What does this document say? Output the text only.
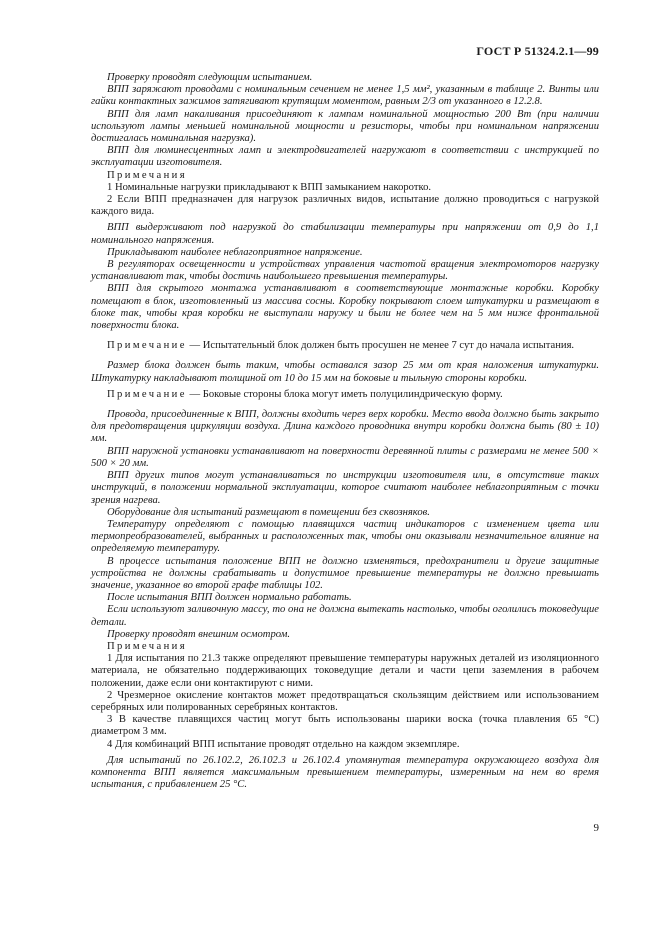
ГОСТ Р 51324.2.1—99

Проверку проводят следующим испытанием.

ВПП заряжают проводами с номинальным сечением не менее 1,5 мм², указанным в таблице 2. Винты или гайки контактных зажимов затягивают крутящим моментом, равным 2/3 от указанного в 12.2.8.

ВПП для ламп накаливания присоединяют к лампам номинальной мощностью 200 Вт (при наличии используют лампы меньшей номинальной мощности и резисторы, чтобы при номинальном напряжении достигалась номинальная нагрузка).

ВПП для люминесцентных ламп и электродвигателей нагружают в соответствии с инструкцией по эксплуатации изготовителя.

Примечания

1 Номинальные нагрузки прикладывают к ВПП замыканием накоротко.

2 Если ВПП предназначен для нагрузок различных видов, испытание должно проводиться с нагрузкой каждого вида.

ВПП выдерживают под нагрузкой до стабилизации температуры при напряжении от 0,9 до 1,1 номинального напряжения.

Прикладывают наиболее неблагоприятное напряжение.

В регуляторах освещенности и устройствах управления частотой вращения электромоторов нагрузку устанавливают так, чтобы достичь наибольшего превышения температуры.

ВПП для скрытого монтажа устанавливают в соответствующие монтажные коробки. Коробку помещают в блок, изготовленный из массива сосны. Коробку покрывают слоем штукатурки и размещают в блоке так, чтобы края коробки не выступали наружу и были не более чем на 5 мм ниже фронтальной поверхности блока.

Примечание — Испытательный блок должен быть просушен не менее 7 сут до начала испытания.

Размер блока должен быть таким, чтобы оставался зазор 25 мм от края наложения штукатурки. Штукатурку накладывают толщиной от 10 до 15 мм на боковые и тыльную стороны коробки.

Примечание — Боковые стороны блока могут иметь полуцилиндрическую форму.

Провода, присоединенные к ВПП, должны входить через верх коробки. Место ввода должно быть закрыто для предотвращения циркуляции воздуха. Длина каждого проводника внутри коробки должна быть (80 ± 10) мм.

ВПП наружной установки устанавливают на поверхности деревянной плиты с размерами не менее 500 × 500 × 20 мм.

ВПП других типов могут устанавливаться по инструкции изготовителя или, в отсутствие таких инструкций, в положении нормальной эксплуатации, которое считают наиболее неблагоприятным с точки зрения нагрева.

Оборудование для испытаний размещают в помещении без сквозняков.

Температуру определяют с помощью плавящихся частиц индикаторов с изменением цвета или термопреобразователей, выбранных и расположенных так, чтобы они оказывали незначительное влияние на определяемую температуру.

В процессе испытания положение ВПП не должно изменяться, предохранители и другие защитные устройства не должны срабатывать и допустимое превышение температуры не должно превышать значение, указанное во второй графе таблицы 102.

После испытания ВПП должен нормально работать.

Если используют заливочную массу, то она не должна вытекать настолько, чтобы оголились токоведущие детали.

Проверку проводят внешним осмотром.

Примечания

1 Для испытания по 21.3 также определяют превышение температуры наружных деталей из изоляционного материала, не обязательно поддерживающих токоведущие детали и части цепи заземления в рабочем положении, даже если они контактируют с ними.

2 Чрезмерное окисление контактов может предотвращаться скользящим действием или использованием серебряных или полированных серебряных контактов.

3 В качестве плавящихся частиц могут быть использованы шарики воска (точка плавления 65 °С) диаметром 3 мм.

4 Для комбинаций ВПП испытание проводят отдельно на каждом экземпляре.

Для испытаний по 26.102.2, 26.102.3 и 26.102.4 упомянутая температура окружающего воздуха для компонента ВПП является максимальным превышением температуры, измеренным на нем во время испытания, с прибавлением 25 °С.

9
